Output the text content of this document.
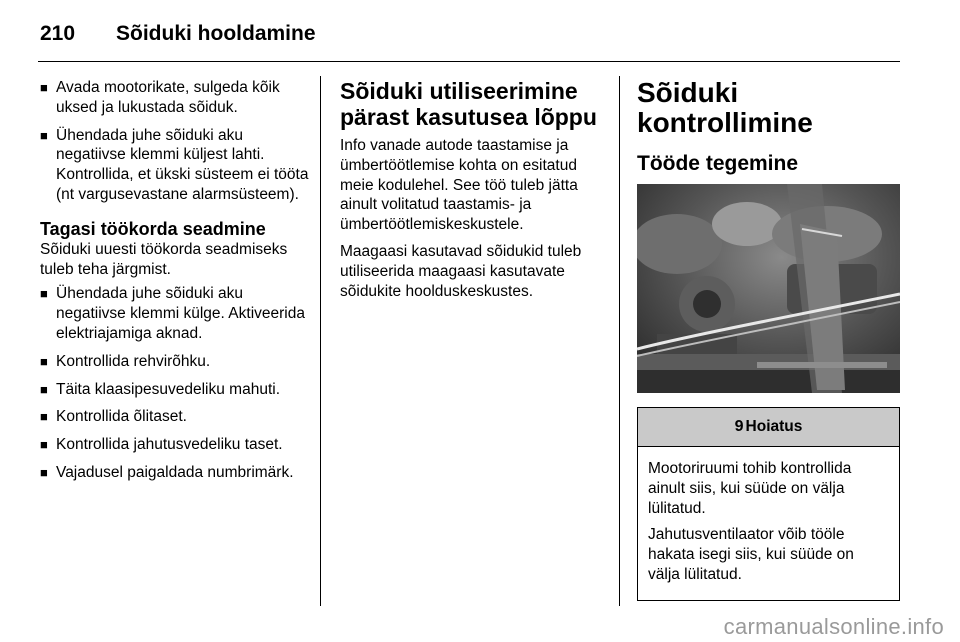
210 Sõiduki hooldamine
■ Avada mootorikate, sulgeda kõik uksed ja lukustada sõiduk.
■ Ühendada juhe sõiduki aku negatiivse klemmi küljest lahti. Kontrollida, et ükski süsteem ei tööta (nt vargusevastane alarmsüsteem).
Tagasi töökorda seadmine

Sõiduki uuesti töökorda seadmiseks tuleb teha järgmist.

■ Ühendada juhe sõiduki aku negatiivse klemmi külge. Aktiveerida elektriajamiga aknad.
■ Kontrollida rehvirõhku.
■ Täita klaasipesuvedeliku mahuti.
■ Kontrollida õlitaset.
■ Kontrollida jahutusvedeliku taset.
■ Vajadusel paigaldada numbrimärk.
Sõiduki utiliseerimine pärast kasutusea lõppu

Info vanade autode taastamise ja ümbertöötlemise kohta on esitatud meie kodulehel. See töö tuleb jätta ainult volitatud taastamis- ja ümbertöötlemiskeskustele.

Maagaasi kasutavad sõidukid tuleb utiliseerida maagaasi kasutavate sõidukite hoolduskeskustes.

Sõiduki kontrollimine
Tööde tegemine
9 Hoiatus

Mootoriruumi tohib kontrollida ainult siis, kui süüde on välja lülitatud.

Jahutusventilaator võib tööle hakata isegi siis, kui süüde on välja lülitatud.

carmanualsonline.info
